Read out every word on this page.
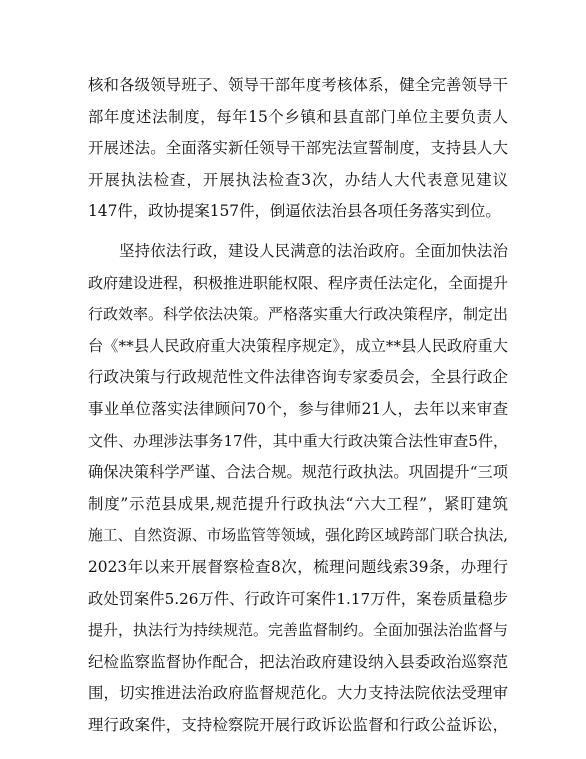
核和各级领导班子、领导干部年度考核体系，健全完善领导干
部年度述法制度，每年15个乡镇和县直部门单位主要负责人
开展述法。全面落实新任领导干部宪法宣誓制度，支持县人大
开展执法检查，开展执法检查3次，办结人大代表意见建议
147件，政协提案157件，倒逼依法治县各项任务落实到位。
　　坚持依法行政，建设人民满意的法治政府。全面加快法治
政府建设进程，积极推进职能权限、程序责任法定化，全面提升
行政效率。科学依法决策。严格落实重大行政决策程序，制定出
台《**县人民政府重大决策程序规定》，成立**县人民政府重大
行政决策与行政规范性文件法律咨询专家委员会，全县行政企
事业单位落实法律顾问70个，参与律师21人，去年以来审查
文件、办理涉法事务17件，其中重大行政决策合法性审查5件，
确保决策科学严谨、合法合规。规范行政执法。巩固提升“三项
制度”示范县成果,规范提升行政执法“六大工程”，紧盯建筑
施工、自然资源、市场监管等领域，强化跨区域跨部门联合执法,
2023年以来开展督察检查8次，梳理问题线索39条，办理行
政处罚案件5.26万件、行政许可案件1.17万件，案卷质量稳步
提升，执法行为持续规范。完善监督制约。全面加强法治监督与
纪检监察监督协作配合，把法治政府建设纳入县委政治巡察范
围，切实推进法治政府监督规范化。大力支持法院依法受理审
理行政案件，支持检察院开展行政诉讼监督和行政公益诉讼，
